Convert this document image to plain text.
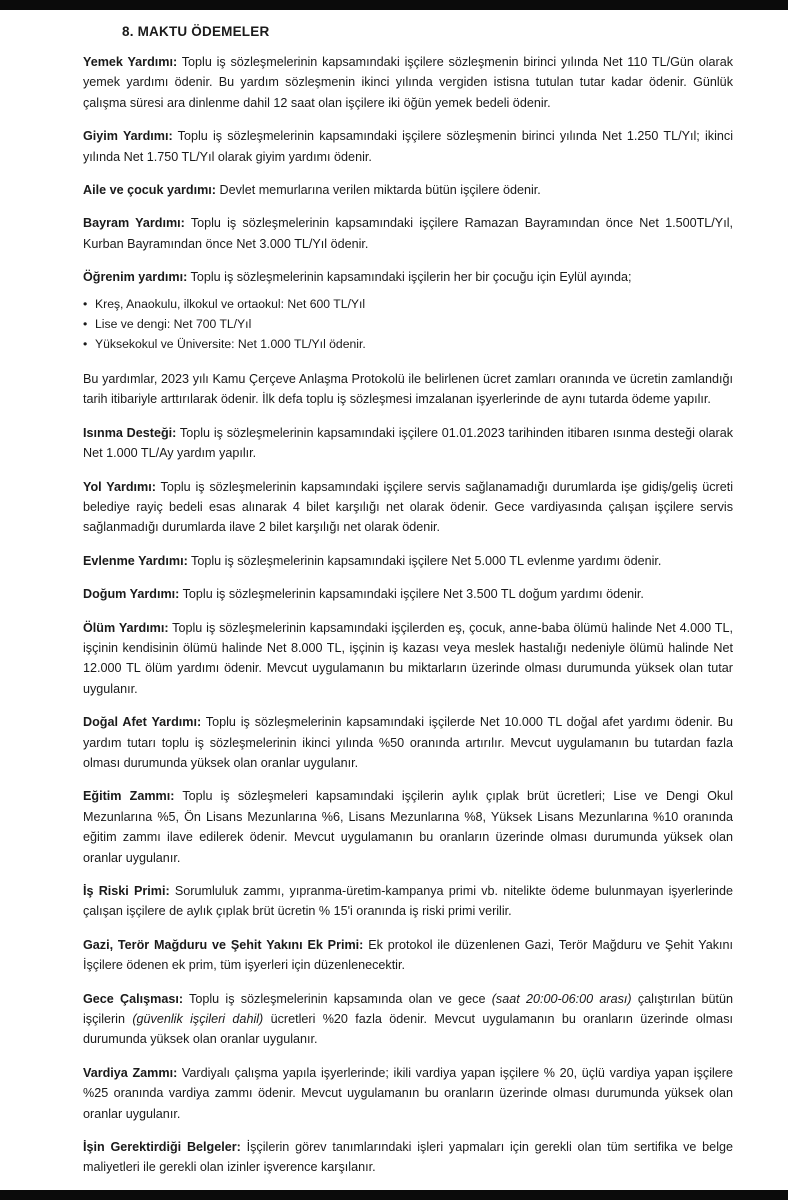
8. MAKTU ÖDEMELER

Yemek Yardımı: Toplu iş sözleşmelerinin kapsamındaki işçilere sözleşmenin birinci yılında Net 110 TL/Gün olarak yemek yardımı ödenir. Bu yardım sözleşmenin ikinci yılında vergiden istisna tutulan tutar kadar ödenir. Günlük çalışma süresi ara dinlenme dahil 12 saat olan işçilere iki öğün yemek bedeli ödenir.

Giyim Yardımı: Toplu iş sözleşmelerinin kapsamındaki işçilere sözleşmenin birinci yılında Net 1.250 TL/Yıl; ikinci yılında Net 1.750 TL/Yıl olarak giyim yardımı ödenir.

Aile ve çocuk yardımı: Devlet memurlarına verilen miktarda bütün işçilere ödenir.

Bayram Yardımı: Toplu iş sözleşmelerinin kapsamındaki işçilere Ramazan Bayramından önce Net 1.500TL/Yıl, Kurban Bayramından önce Net 3.000 TL/Yıl ödenir.

Öğrenim yardımı: Toplu iş sözleşmelerinin kapsamındaki işçilerin her bir çocuğu için Eylül ayında;

• Kreş, Anaokulu, ilkokul ve ortaokul: Net 600 TL/Yıl
• Lise ve dengi: Net 700 TL/Yıl
• Yüksekokul ve Üniversite: Net 1.000 TL/Yıl ödenir.

Bu yardımlar, 2023 yılı Kamu Çerçeve Anlaşma Protokolü ile belirlenen ücret zamları oranında ve ücretin zamlandığı tarih itibariyle arttırılarak ödenir. İlk defa toplu iş sözleşmesi imzalanan işyerlerinde de aynı tutarda ödeme yapılır.

Isınma Desteği: Toplu iş sözleşmelerinin kapsamındaki işçilere 01.01.2023 tarihinden itibaren ısınma desteği olarak Net 1.000 TL/Ay yardım yapılır.

Yol Yardımı: Toplu iş sözleşmelerinin kapsamındaki işçilere servis sağlanamadığı durumlarda işe gidiş/geliş ücreti belediye rayiç bedeli esas alınarak 4 bilet karşılığı net olarak ödenir. Gece vardiyasında çalışan işçilere servis sağlanmadığı durumlarda ilave 2 bilet karşılığı net olarak ödenir.

Evlenme Yardımı: Toplu iş sözleşmelerinin kapsamındaki işçilere Net 5.000 TL evlenme yardımı ödenir.

Doğum Yardımı: Toplu iş sözleşmelerinin kapsamındaki işçilere Net 3.500 TL doğum yardımı ödenir.

Ölüm Yardımı: Toplu iş sözleşmelerinin kapsamındaki işçilerden eş, çocuk, anne-baba ölümü halinde Net 4.000 TL, işçinin kendisinin ölümü halinde Net 8.000 TL, işçinin iş kazası veya meslek hastalığı nedeniyle ölümü halinde Net 12.000 TL ölüm yardımı ödenir. Mevcut uygulamanın bu miktarların üzerinde olması durumunda yüksek olan tutar uygulanır.

Doğal Afet Yardımı: Toplu iş sözleşmelerinin kapsamındaki işçilerde Net 10.000 TL doğal afet yardımı ödenir. Bu yardım tutarı toplu iş sözleşmelerinin ikinci yılında %50 oranında artırılır. Mevcut uygulamanın bu tutardan fazla olması durumunda yüksek olan oranlar uygulanır.

Eğitim Zammı: Toplu iş sözleşmeleri kapsamındaki işçilerin aylık çıplak brüt ücretleri; Lise ve Dengi Okul Mezunlarına %5, Ön Lisans Mezunlarına %6, Lisans Mezunlarına %8, Yüksek Lisans Mezunlarına %10 oranında eğitim zammı ilave edilerek ödenir. Mevcut uygulamanın bu oranların üzerinde olması durumunda yüksek olan oranlar uygulanır.

İş Riski Primi: Sorumluluk zammı, yıpranma-üretim-kampanya primi vb. nitelikte ödeme bulunmayan işyerlerinde çalışan işçilere de aylık çıplak brüt ücretin % 15'i oranında iş riski primi verilir.

Gazi, Terör Mağduru ve Şehit Yakını Ek Primi: Ek protokol ile düzenlenen Gazi, Terör Mağduru ve Şehit Yakını İşçilere ödenen ek prim, tüm işyerleri için düzenlenecektir.

Gece Çalışması: Toplu iş sözleşmelerinin kapsamında olan ve gece (saat 20:00-06:00 arası) çalıştırılan bütün işçilerin (güvenlik işçileri dahil) ücretleri %20 fazla ödenir. Mevcut uygulamanın bu oranların üzerinde olması durumunda yüksek olan oranlar uygulanır.

Vardiya Zammı: Vardiyalı çalışma yapıla işyerlerinde; ikili vardiya yapan işçilere % 20, üçlü vardiya yapan işçilere %25 oranında vardiya zammı ödenir. Mevcut uygulamanın bu oranların üzerinde olması durumunda yüksek olan oranlar uygulanır.

İşin Gerektirdiği Belgeler: İşçilerin görev tanımlarındaki işleri yapmaları için gerekli olan tüm sertifika ve belge maliyetleri ile gerekli olan izinler işverence karşılanır.
